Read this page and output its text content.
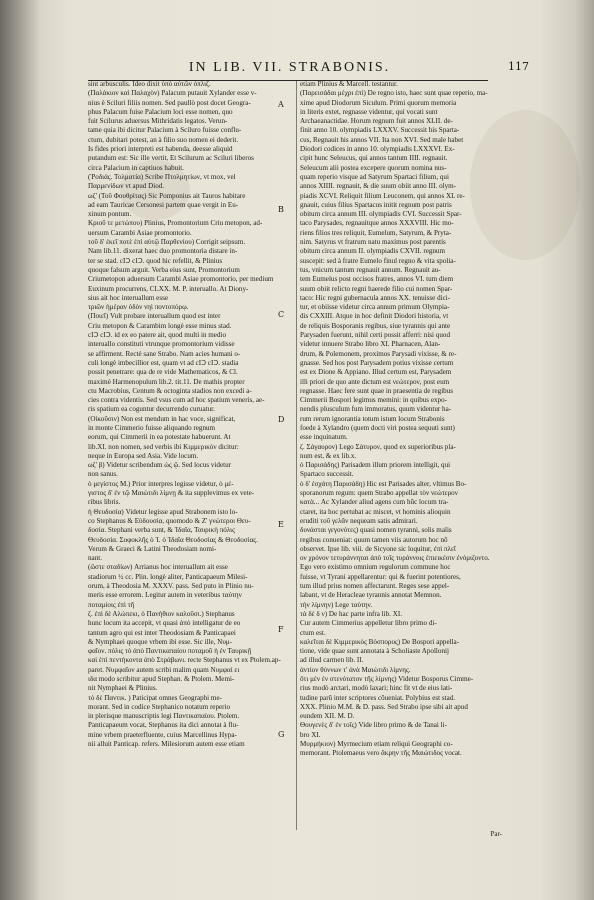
IN LIB. VII. STRABONIS.	117
sint arbusculis. Ideo dixit ὑπὸ αὐτῶν ὁπλιζ.
(Παλάκιον καὶ Παλαχὸν) Palacum putauit Xylander esse v-
nius è Sciluri filiis nomen. Sed paullò post docet Geogra-
phus Palacum fuise Palacium loci esse nomen, quo
fuit Scilurus aduersus Mithridatis legatos. Verun-
tame quia ibi dicitur Palacium à Sciluro fuisse conflu-
ctum, dubitari potest, an à filio suo nomen ei dederit.
Is fides priori interpreti est habenda, deesse aliquid
putandum est: Sic ille vertit, Et Scilurum ac Sciluri liberos
circa Palacium in captiuos habuit.
(Ῥοδιάς. Τολματία) Scribe Πτολμητίων, vt mox, vel
Παρμενίδων vt apud Diod.
ωζ' (Τοῦ Φουθρίτας) Sic Pomponius ait Tauros habitare
ad eam Tauricae Cersonesi partem quae vergit in Eu-
xinum pontum.
Κριοῦ τε μετώπου) Plinius, Promontorium Criu metopon, ad-
uersum Carambi Asiae promontorio.
τοῦ δ' ἐκεῖ ποτὲ ἐπὶ αὐτῷ Παρθενίου) Corrigit seipsum.
Nam lib.11. dixerat haec duo promontoria distare in-
ter se stad. cIↃ cIↃ. quod hic refellit, & Plinius
quoque falsum arguit. Verba eius sunt, Promontorium
Criumetopon aduersum Carambi Asiae promontorio, per medium
Euxinum procurrens, CLXX. M. P. interuallo. At Diony-
sius ait hoc interuallum esse
τριῶν ἡμέραν ὁδὸν νηὶ ποντοπόρῳ.
(Ποιεῖ) Vult probare interuallum quod est inter
Criu metopon & Carambim longè esse minus stad.
cIↃ cIↃ. id ex eo patere ait, quod multi in medio
interuallo constituti vtrunque promontorium vidisse
se affirment. Rectè sane Strabo. Nam acies humani o-
culi longè imbecillior est, quam vt ad cIↃ cIↃ. stadia
possit penetrare: qua de re vide Mathematicos, & Cl.
maximè Harmenopulum lib.2. tit.11. De mathis propter
ctu Macrobius, Centum & octoginta stadios non excedi a-
cies contra videntis. Sed vsus cum ad hoc spatium veneris, ae-
ris spatium ea coguntur decurrendo curuatur.
(Οἰκοῦσιν) Non est mendum in hac voce, significat,
in monte Cimmerio fuisse aliquando regnum
eorum, qui Cimmerii in ea potestate habuerunt. At
lib.XI. non nomen, sed verbis ibi Κιμμερικὸν dicitur:
neque in Europa sed Asia. Vide locum.
ωζ' β) Videtur scribendum ὡς ᾤ. Sed locus videtur
non sanus.
ὁ μεγίστος Μ.) Prior interpres legisse videtur, ὁ μέ-
γιστος δ' ἐν τῷ Μαιώτιδι λίμνῃ & ita supplevimus ex vete-
ribus libris.
ἡ Θευδοσία) Videtur legisse apud Strabonem isto lo-
co Stephanus & Εὐδουσία, quomodo & Ζ' γνώτεροι Θευ-
δοσία. Stephani verba sunt, & Ἰδαῖα, Ταυρικὴ πόλις
Θευδοσία. Σοφοκλῆς ὁ Ἰ. ὁ Ἰδαῖα Θεοδοσίας & Θεοδοσίας.
Verum & Graeci & Latini Theodosiam nomi-
nant.
(ὥστε σταδίων) Arrianus hoc interuallum ait esse
stadiorum ½ cc. Plin. longè aliter, Panticapaeum Milesi-
orum, à Theodosia M. XXXV. pass. Sed puto in Plinio nu-
meris esse errorem. Legitur autem in veteribus ταύτην
ποταμίοις ἐπὶ τῆ
ζ. ἐπὶ δὲ Αλώπεκι, ὁ Πανήθιον καλοῦσι.) Stephanus
hunc locum ita accepit, vt quasi ἀπὸ intelligatur de eo
tantum agro qui est inter Theodosiam & Panticapaei
& Nymphaei quoque vrbem ibi esse. Sic ille, Νυμ-
φαῖον. πόλις τὸ ἀπὸ Παντικαπαίου ποταμοῦ ἡ ἐν Ταυρικῇ
καὶ ἐπὶ πεντήκοντα ἀπὸ Στράβωνι. recte Stephanus vt ex Ptolem.ap-
paret. Νυμφαῖον autem scribi malim quam Νυμφαί ει
ιδα modo scribitur apud Stephan. & Ptolem. Memi-
nit Nymphaei & Plinius.
τὸ δὲ Παντικ. ) Paticipat omnes Geographi me-
morant. Sed in codice Stephanico notatum reperio
in plerisque manuscriptis legi Παντικαπαίου. Ptolem.
Panticapaeum vocat, Stephanus ita dici annotat à flu-
mine vrbem praeterfluente, cuius Marcellinus Hypa-
nii alluit Panticap. refers. Milesiorum autem esse etiam
A
B
C
D
E
F
G
etiam Plinius & Marcell. testantur.
(Παρεισάδαι μέχρι ἐπὶ) De regno isto, haec sunt quae reperio, ma-
xime apud Diodorum Siculum. Primi quorum memoria
in literis extet, regnasse videntur, qui vocati sunt
Archaeanactidae. Horum regnum fuit annos XLII. de-
finit anno 10. olympiadis LXXXV. Successit his Sparta-
cus, Regnauit his annos VII. Ita non XVI. Sed male habet
Diodori codices in anno 10. olympiadis LXXXVI. Ex-
cipit hunc Seleucus, qui annos tantum IIII. regnauit.
Seleucum alii postea excepere quorum nomina nus-
quam reperio visque ad Satyrum Spartaci filium, qui
annos XIIII. regnauit, & die suum obiit anno III. olym-
piadis XCVI. Reliquit filium Leuconem, qui annos XL re-
gnauit, cuius filius Spartacus initit regnum post patris
obitum circa annum III. olympiadis CVI. Successit Spar-
taco Parysades, regnauitque annos XXXVIII. Hic mo-
riens filios tres reliquit, Eumelum, Satyrum, & Pryta-
nim. Satyrus vt fratrum natu maximus post parentis
obitum circa annum II. olympiadis CXVII. regnum
suscepit: sed à fratre Eumelo finul regno & vita spolia-
tus, vnicum tantum regnauit annum. Regnauit au-
tem Eumelus post occisos fratres, annos VI. tum diem
suum obiit relicto regni haerede filio cui nomen Spar-
taco: Hic regni gubernacula annos XX. tenuisse dici-
tur, et obiisse videtur circa annum primum Olympia-
dis CXXIII. Atque in hoc definit Diodori historia, vt
de reliquis Bosporanis regibus, siue tyrannis qui ante
Parysaden fuerunt, nihil certi possit afferri: nisi quod
videtur innuere Strabo libro XI. Pharnacen, Alan-
drum, & Polemonem, proximos Parysadi vixisse, & re-
gnasse. Sed hos post Parysadem potius vixisse certum
est ex Dione & Appiano. Illud certum est, Parysadem
illi priori de quo ante dictum est νεώτερον, post eum
regnasse. Haec fere sunt quae in praesentia de regibus
Cimmerii Bospori legimus memini: in quibus expo-
nendis plusculum fum immoratus, quum videntur ha-
rum rerum ignorantia totum istum locum Strabonis
foede à Xylandro (quem docti viri postea sequuti sunt)
esse inquinatum.
ζ. Σάγαυρον) Lego Σάτυρον, quod ex superioribus pla-
num est, & ex lib.x.
ὁ Παρισάδης) Parisadem illum priorem intelligit, qui
Spartaco successit.
ὁ δ' ἐσχάτη Παρισάδη) Hic est Parisades alter, vltimus Bo-
sporanorum regum: quem Strabo appellat τὸν νεώτερον
κατὰ... Ac Xylander aliud agens cum hūc locum tra-
ctaret, ita hoc pertubat ac miscet, vt hominis alioquin
eruditi τοῦ γελᾶν nequeam satis admirari.
δυνάσται γεγονότες) quasi nomen tyranni, solis malis
regibus conueniat: quum tamen viis autorum hoc nō
observet. Ipse lib. viii. de Sicyone sic loquitur, ἐπὶ πλεῖ
ον χρόνον τετυράννηται ἀπὸ τοῖς τυράννοις ἐπιεικέσιν ἐνόμιζοντο.
Ego vero existimo omnium regulorum commune hoc
fuisse, vt Tyrani appellarentur: qui & fuerint potentiores,
tum illud prius nomen affectarunt. Reges sese appel-
labant, vt de Heracleae tyrannis annotat Memnon.
τὴν λίμνην) Lege ταύτην.
τὰ δὲ δ ν) De hac parte infra lib. XI.
Cur autem Cimmerius appelletur libro primo di-
ctum est.
καλεῖται δὲ Κιμμερικὸς Βόσπορος) De Bospori appella-
tione, vide quae sunt annotata à Scholiaste Apollonij
ad illud carmen lib. II.
ἀντίον θύννων τ' ἀνὰ Μαιώτιδι λίμνης.
ὅτι μὲν ἐν στενότατον τῆς λίμνης) Videtur Bosporus Cimme-
rius modò arctari, modò laxari; hinc fit vt de eius lati-
tudine parū inter scriptores cōueniat. Polybius est stad.
XXX. Plinio M.M. & D. pass. Sed Strabo ipse sibi ait apud
eundem XII. M. D.
Θουγενὲς δ' ἐν τοῖς) Vide libro primo & de Tanai li-
bro XI.
Μυρμήκιον) Myrmecium etiam reliqui Geographi co-
memorant. Ptolemaeus vero ἄκρην τῆς Μαιώτιδος vocat.
Par-
